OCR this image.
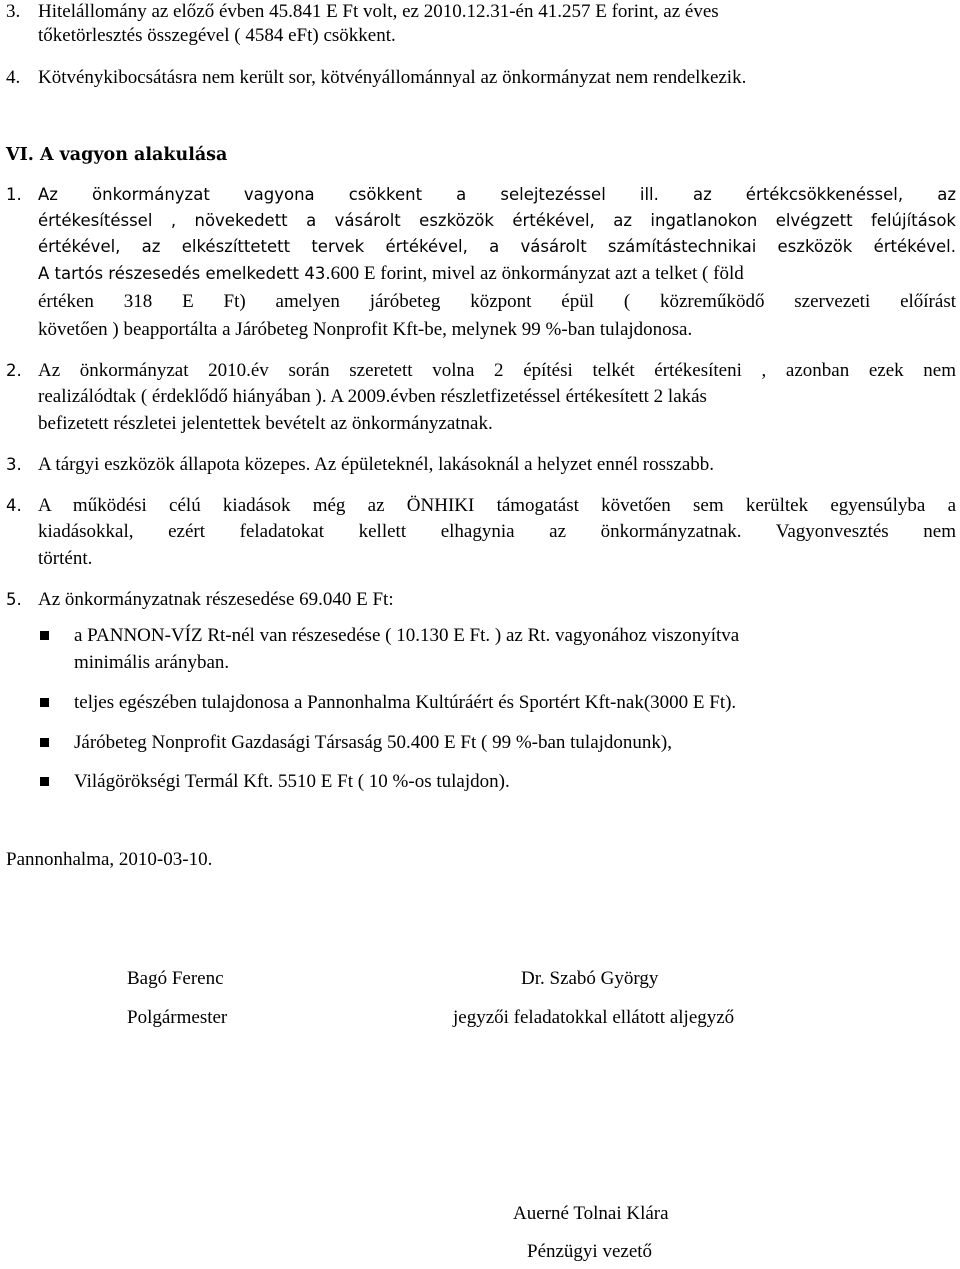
3. Hitelállomány az előző évben 45.841 E Ft volt, ez 2010.12.31-én 41.257 E forint, az éves
tőketörlesztés összegével ( 4584 eFt) csökkent.
4. Kötvénykibocsátásra nem került sor, kötvényállománnyal az önkormányzat nem rendelkezik.
VI. A vagyon alakulása
1. Az önkormányzat vagyona csökkent a selejtezéssel ill. az értékcsökkenéssel, az
értékesítéssel , növekedett a vásárolt eszközök értékével, az ingatlanokon elvégzett felújítások
értékével, az elkészíttetett tervek értékével, a vásárolt számítástechnikai eszközök értékével.
A tartós részesedés emelkedett 43.600 E forint, mivel az önkormányzat azt a telket ( föld
értéken 318 E Ft) amelyen járóbeteg központ épül ( közreműködő szervezeti előírást
követően ) beapportálta a Járóbeteg Nonprofit Kft-be, melynek 99 %-ban tulajdonosa.
2. Az önkormányzat 2010.év során szeretett volna 2 építési telkét értékesíteni , azonban ezek nem
realizálódtak ( érdeklődő hiányában ). A 2009.évben részletfizetéssel értékesített 2 lakás
befizetett részletei jelentettek bevételt az önkormányzatnak.
3. A tárgyi eszközök állapota közepes. Az épületeknél, lakásoknál a helyzet ennél rosszabb.
4. A működési célú kiadások még az ÖNHIKI támogatást követően sem kerültek egyensúlyba a
kiadásokkal, ezért feladatokat kellett elhagynia az önkormányzatnak. Vagyonvesztés nem
történt.
5. Az önkormányzatnak részesedése 69.040 E Ft:
a PANNON-VÍZ Rt-nél van részesedése ( 10.130 E Ft. ) az Rt. vagyonához viszonyítva
minimális arányban.
teljes egészében tulajdonosa a Pannonhalma Kultúráért és Sportért Kft-nak(3000 E Ft).
Járóbeteg Nonprofit Gazdasági Társaság 50.400 E Ft ( 99 %-ban tulajdonunk),
Világörökségi Termál Kft. 5510 E Ft ( 10 %-os tulajdon).
Pannonhalma, 2010-03-10.
Bagó Ferenc
Polgármester
Dr. Szabó György
jegyzői feladatokkal ellátott aljegyző
Auerné Tolnai Klára
Pénzügyi vezető
